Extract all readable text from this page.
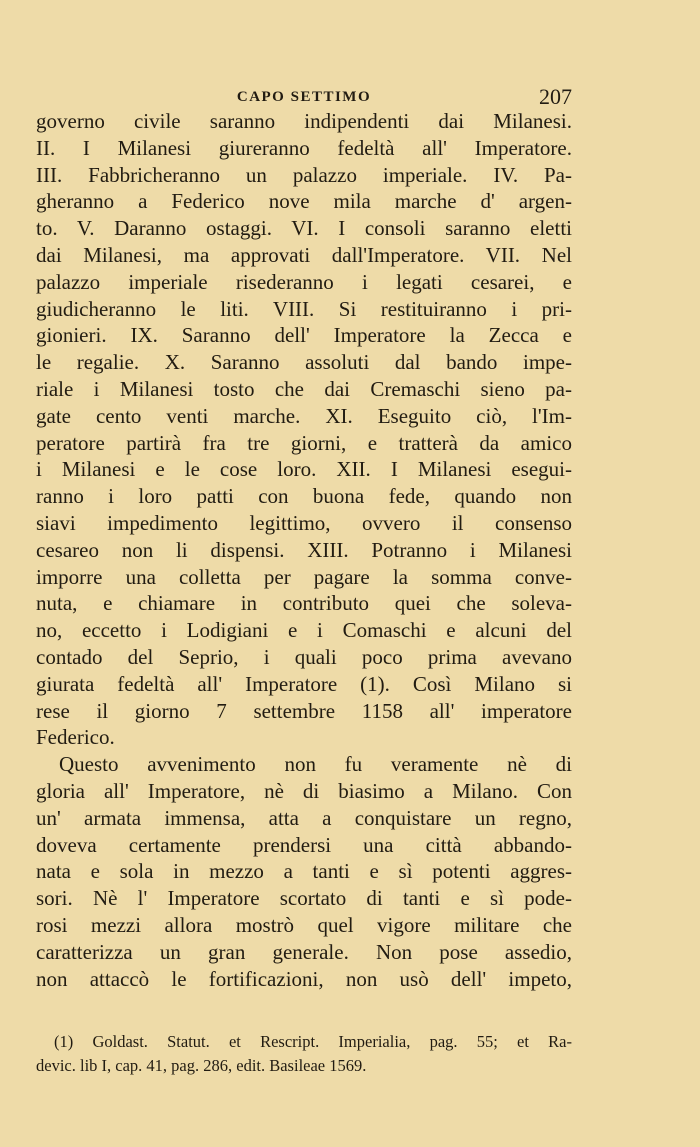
CAPO SETTIMO	207
governo civile saranno indipendenti dai Milanesi.
II. I Milanesi giureranno fedeltà all' Imperatore.
III. Fabbricheranno un palazzo imperiale. IV. Pa-
gheranno a Federico nove mila marche d' argen-
to. V. Daranno ostaggi. VI. I consoli saranno eletti
dai Milanesi, ma approvati dall'Imperatore. VII. Nel
palazzo imperiale risederanno i legati cesarei, e
giudicheranno le liti. VIII. Si restituiranno i pri-
gionieri. IX. Saranno dell' Imperatore la Zecca e
le regalie. X. Saranno assoluti dal bando impe-
riale i Milanesi tosto che dai Cremaschi sieno pa-
gate cento venti marche. XI. Eseguito ciò, l'Im-
peratore partirà fra tre giorni, e tratterà da amico
i Milanesi e le cose loro. XII. I Milanesi esegui-
ranno i loro patti con buona fede, quando non
siavi impedimento legittimo, ovvero il consenso
cesareo non li dispensi. XIII. Potranno i Milanesi
imporre una colletta per pagare la somma conve-
nuta, e chiamare in contributo quei che soleva-
no, eccetto i Lodigiani e i Comaschi e alcuni del
contado del Seprio, i quali poco prima avevano
giurata fedeltà all' Imperatore (1). Così Milano si
rese il giorno 7 settembre 1158 all' imperatore
Federico.
Questo avvenimento non fu veramente nè di
gloria all' Imperatore, nè di biasimo a Milano. Con
un' armata immensa, atta a conquistare un regno,
doveva certamente prendersi una città abbando-
nata e sola in mezzo a tanti e sì potenti aggres-
sori. Nè l' Imperatore scortato di tanti e sì pode-
rosi mezzi allora mostrò quel vigore militare che
caratterizza un gran generale. Non pose assedio,
non attaccò le fortificazioni, non usò dell' impeto,
(1) Goldast. Statut. et Rescript. Imperialia, pag. 55; et Ra-
devic. lib I, cap. 41, pag. 286, edit. Basileae 1569.
